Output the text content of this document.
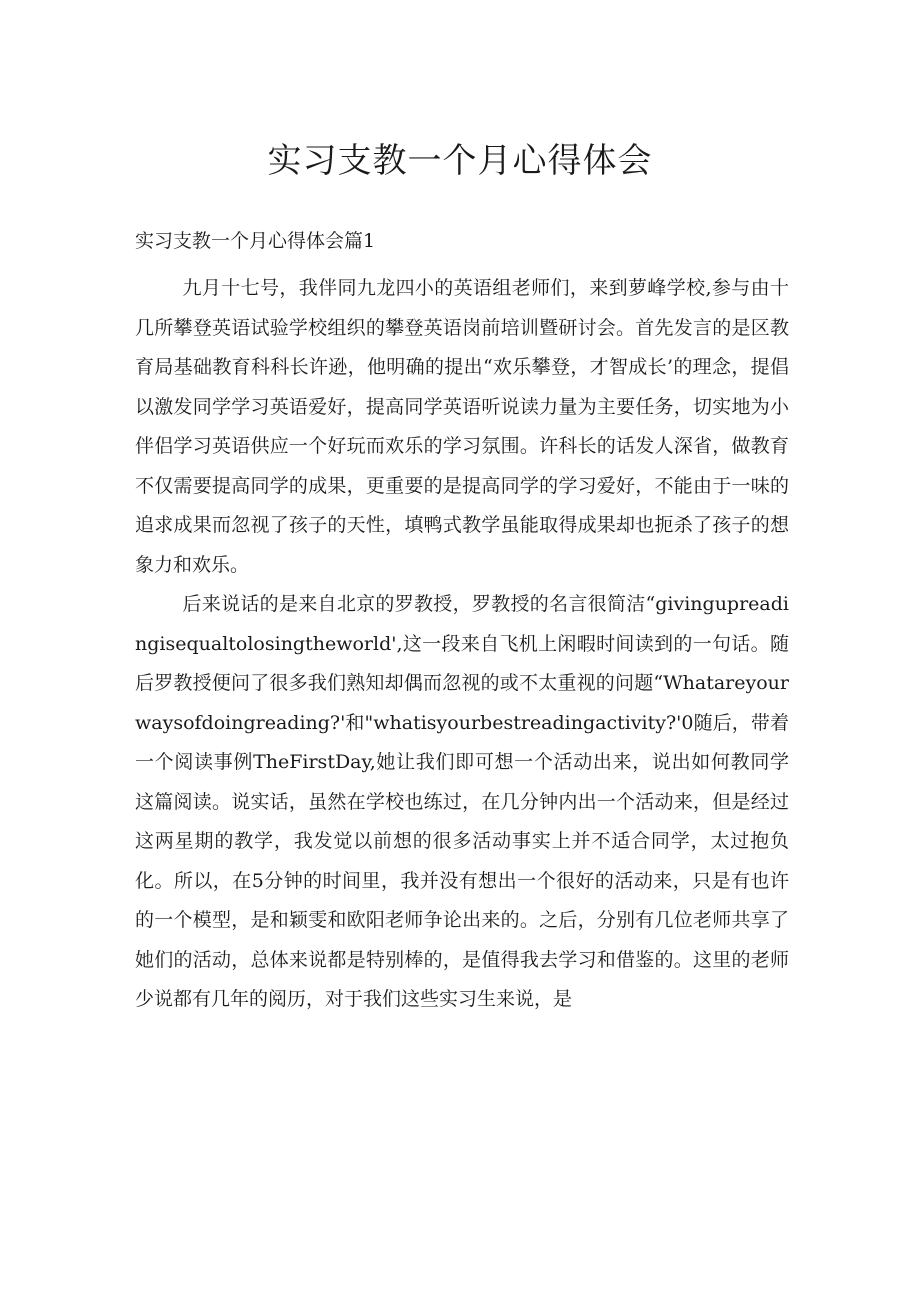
实习支教一个月心得体会
实习支教一个月心得体会篇1

九月十七号，我伴同九龙四小的英语组老师们，来到萝峰学校,参与由十几所攀登英语试验学校组织的攀登英语岗前培训暨研讨会。首先发言的是区教育局基础教育科科长许逊，他明确的提出“欢乐攀登，才智成长’的理念，提倡以激发同学学习英语爱好，提高同学英语听说读力量为主要任务，切实地为小伴侣学习英语供应一个好玩而欢乐的学习氛围。许科长的话发人深省，做教育不仅需要提高同学的成果，更重要的是提高同学的学习爱好，不能由于一味的追求成果而忽视了孩子的天性，填鸭式教学虽能取得成果却也扼杀了孩子的想象力和欢乐。

后来说话的是来自北京的罗教授，罗教授的名言很简洁“givingupreadingisequaltolosingtheworld',这一段来自飞机上闲暇时间读到的一句话。随后罗教授便问了很多我们熟知却偶而忽视的或不太重视的问题“Whatareyourwaysofdoingreading?'和"whatisyourbestreadingactivity?'0随后，带着一个阅读事例TheFirstDay,她让我们即可想一个活动出来，说出如何教同学这篇阅读。说实话，虽然在学校也练过，在几分钟内出一个活动来，但是经过这两星期的教学，我发觉以前想的很多活动事实上并不适合同学，太过抱负化。所以，在5分钟的时间里，我并没有想出一个很好的活动来，只是有也许的一个模型，是和颖雯和欧阳老师争论出来的。之后，分别有几位老师共享了她们的活动，总体来说都是特别棒的，是值得我去学习和借鉴的。这里的老师少说都有几年的阅历，对于我们这些实习生来说，是
